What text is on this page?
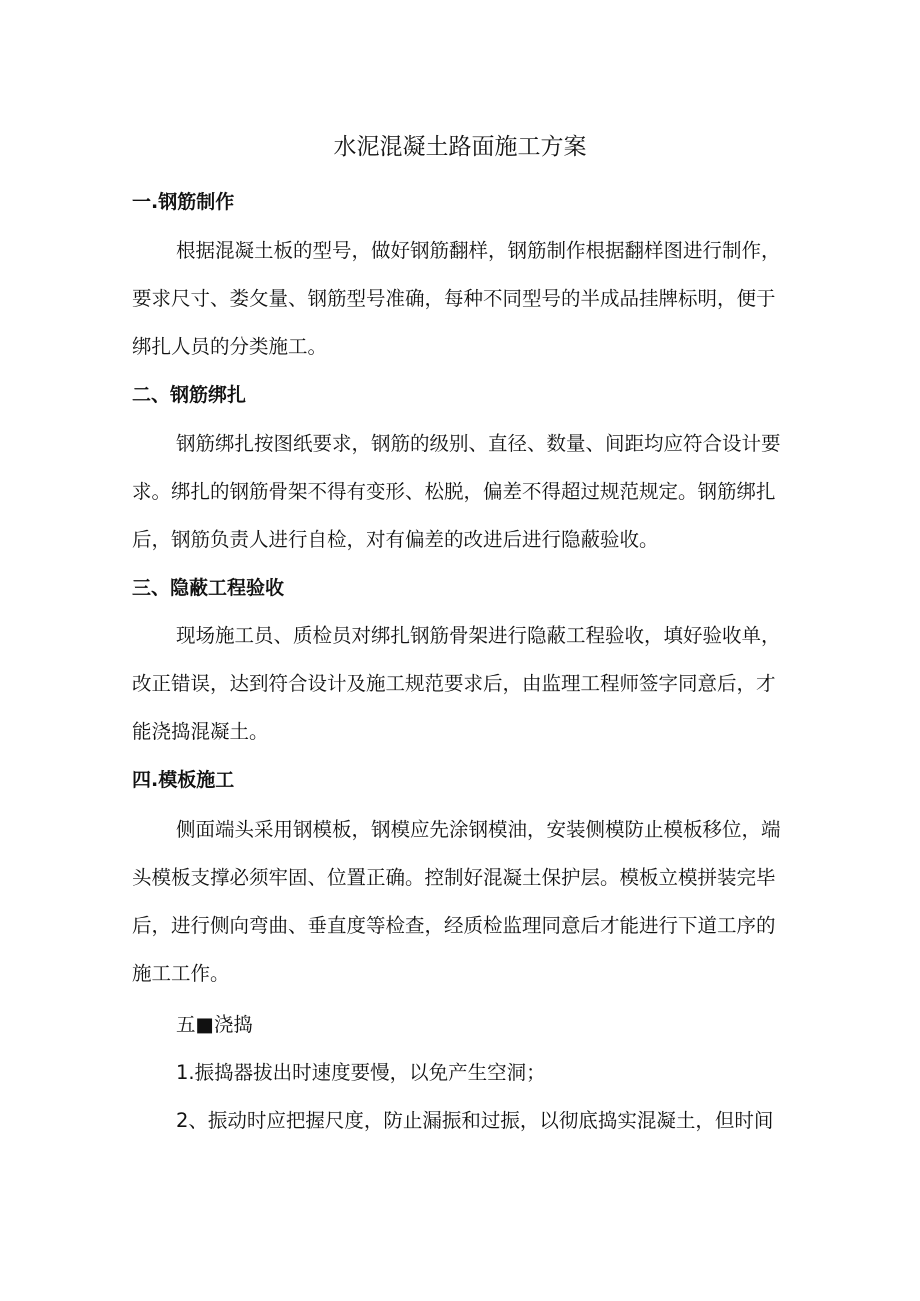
水泥混凝土路面施工方案
一.钢筋制作
根据混凝土板的型号，做好钢筋翻样，钢筋制作根据翻样图进行制作，
要求尺寸、娄攵量、钢筋型号准确，每种不同型号的半成品挂牌标明，便于
绑扎人员的分类施工。
二、钢筋绑扎
钢筋绑扎按图纸要求，钢筋的级别、直径、数量、间距均应符合设计要
求。绑扎的钢筋骨架不得有变形、松脱，偏差不得超过规范规定。钢筋绑扎
后，钢筋负责人进行自检，对有偏差的改进后进行隐蔽验收。
三、隐蔽工程验收
现场施工员、质检员对绑扎钢筋骨架进行隐蔽工程验收，填好验收单，
改正错误，达到符合设计及施工规范要求后，由监理工程师签字同意后，才
能浇捣混凝土。
四.模板施工
侧面端头采用钢模板，钢模应先涂钢模油，安装侧模防止模板移位，端
头模板支撑必须牢固、位置正确。控制好混凝土保护层。模板立模拼装完毕
后，进行侧向弯曲、垂直度等检查，经质检监理同意后才能进行下道工序的
施工工作。
五■浇捣
1.振捣器拔出时速度要慢，以免产生空洞；
2、振动时应把握尺度，防止漏振和过振，以彻底捣实混凝土，但时间
